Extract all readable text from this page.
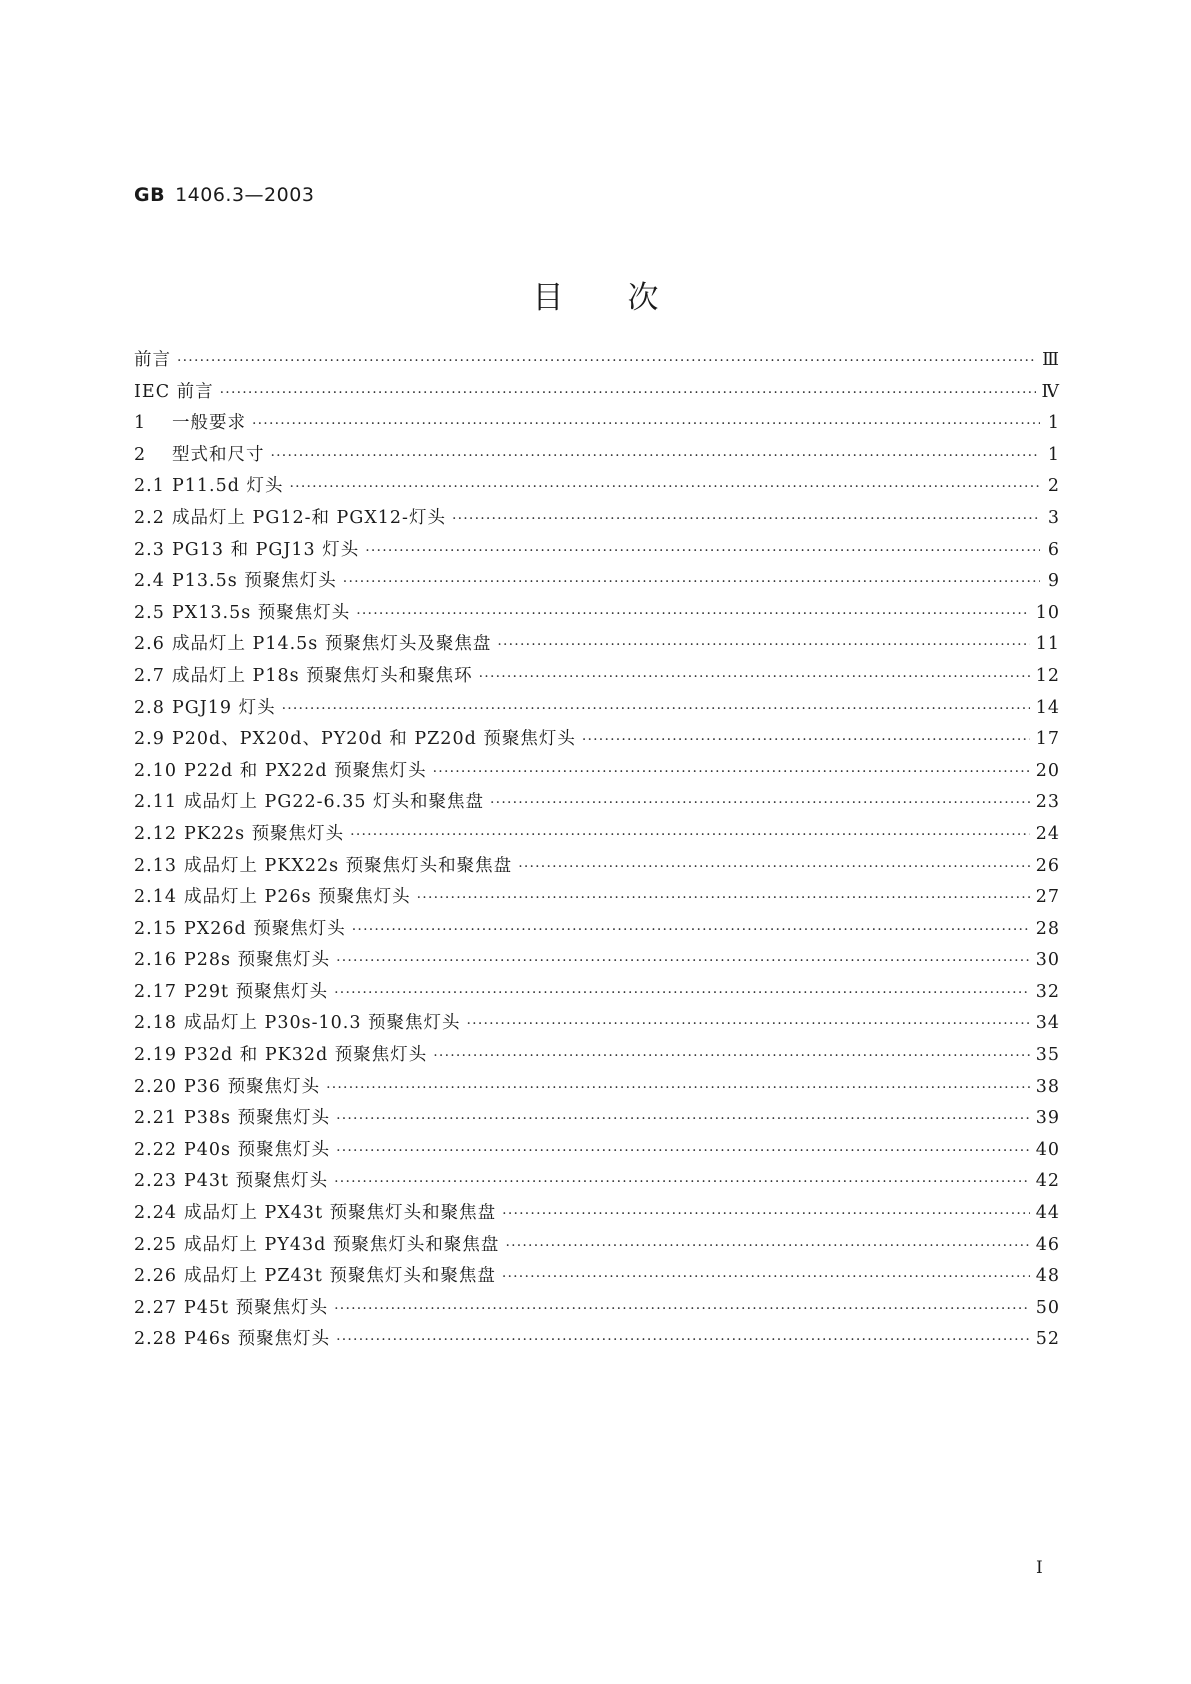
GB 1406.3—2003
目次
前言 ·····	Ⅲ
IEC 前言 ·····	Ⅳ
1	一般要求 ·····	1
2	型式和尺寸 ·····	1
2.1 P11.5d 灯头 ·····	2
2.2 成品灯上 PG12-和 PGX12-灯头 ·····	3
2.3 PG13 和 PGJ13 灯头 ·····	6
2.4 P13.5s 预聚焦灯头 ·····	9
2.5 PX13.5s 预聚焦灯头 ·····	10
2.6 成品灯上 P14.5s 预聚焦灯头及聚焦盘 ·····	11
2.7 成品灯上 P18s 预聚焦灯头和聚焦环 ·····	12
2.8 PGJ19 灯头 ·····	14
2.9 P20d、PX20d、PY20d 和 PZ20d 预聚焦灯头 ·····	17
2.10 P22d 和 PX22d 预聚焦灯头 ·····	20
2.11 成品灯上 PG22-6.35 灯头和聚焦盘 ·····	23
2.12 PK22s 预聚焦灯头 ·····	24
2.13 成品灯上 PKX22s 预聚焦灯头和聚焦盘 ·····	26
2.14 成品灯上 P26s 预聚焦灯头 ·····	27
2.15 PX26d 预聚焦灯头 ·····	28
2.16 P28s 预聚焦灯头 ·····	30
2.17 P29t 预聚焦灯头 ·····	32
2.18 成品灯上 P30s-10.3 预聚焦灯头 ·····	34
2.19 P32d 和 PK32d 预聚焦灯头 ·····	35
2.20 P36 预聚焦灯头 ·····	38
2.21 P38s 预聚焦灯头 ·····	39
2.22 P40s 预聚焦灯头 ·····	40
2.23 P43t 预聚焦灯头 ·····	42
2.24 成品灯上 PX43t 预聚焦灯头和聚焦盘 ·····	44
2.25 成品灯上 PY43d 预聚焦灯头和聚焦盘 ·····	46
2.26 成品灯上 PZ43t 预聚焦灯头和聚焦盘 ·····	48
2.27 P45t 预聚焦灯头 ·····	50
2.28 P46s 预聚焦灯头 ·····	52
I
